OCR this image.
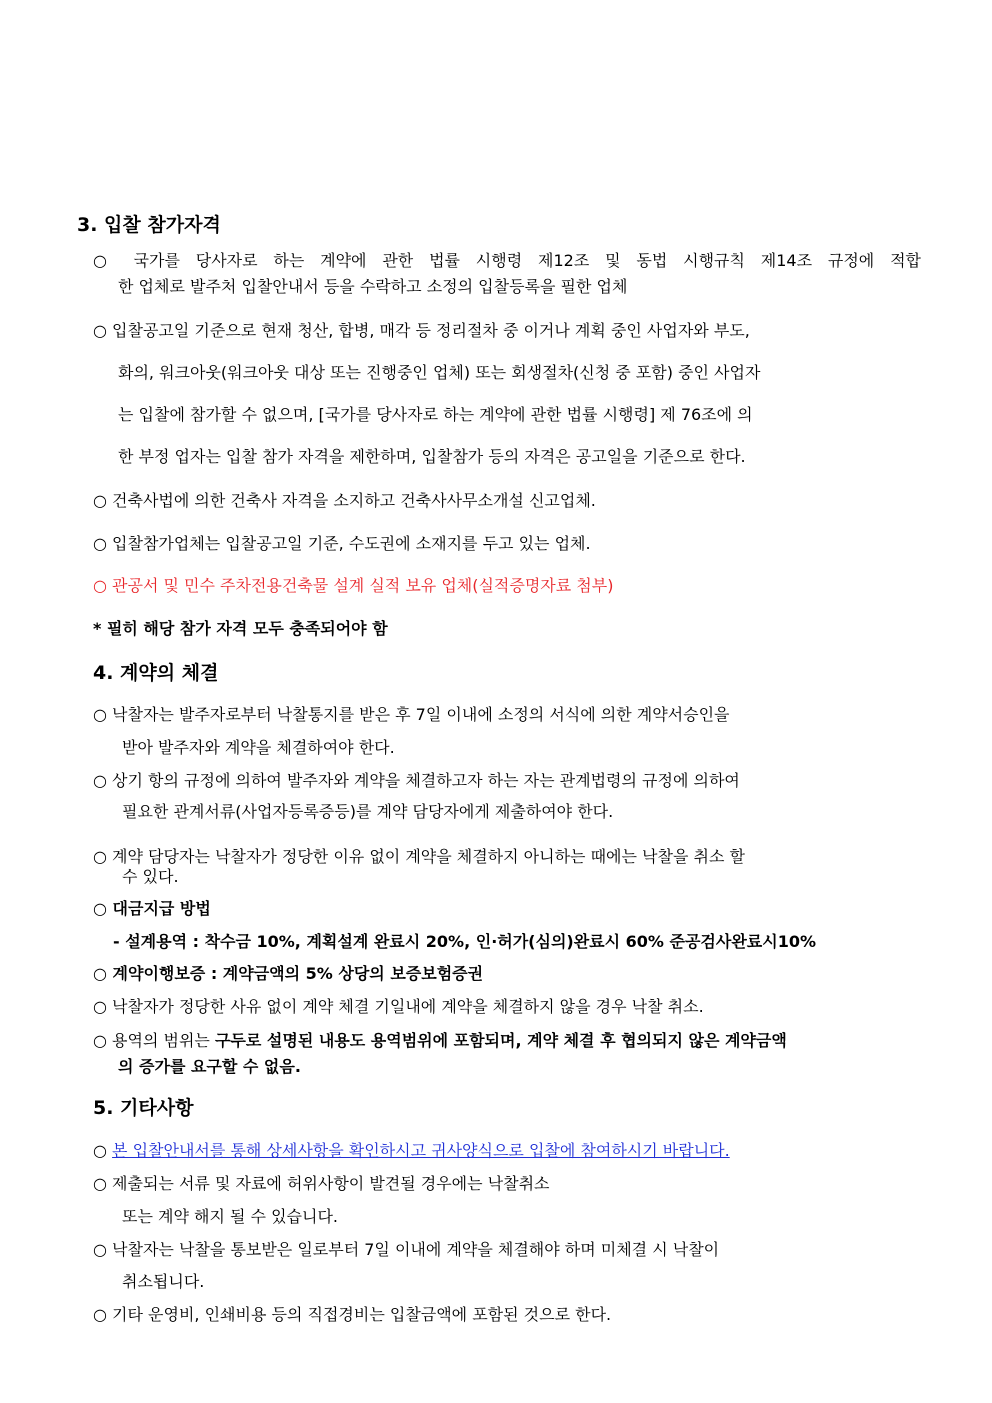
3. 입찰 참가자격
○ 국가를 당사자로 하는 계약에 관한 법률 시행령 제12조 및 동법 시행규칙 제14조 규정에 적합
한 업체로 발주처 입찰안내서 등을 수락하고 소정의 입찰등록을 필한 업체
○ 입찰공고일 기준으로 현재 청산, 합병, 매각 등 정리절차 중 이거나 계획 중인 사업자와 부도,
화의, 워크아웃(워크아웃 대상 또는 진행중인 업체) 또는 회생절차(신청 중 포함) 중인 사업자
는 입찰에 참가할 수 없으며, [국가를 당사자로 하는 계약에 관한 법률 시행령] 제 76조에 의
한 부정 업자는 입찰 참가 자격을 제한하며, 입찰참가 등의 자격은 공고일을 기준으로 한다.
○ 건축사법에 의한 건축사 자격을 소지하고 건축사사무소개설 신고업체.
○ 입찰참가업체는 입찰공고일 기준, 수도권에 소재지를 두고 있는 업체.
○ 관공서 및 민수 주차전용건축물 설계 실적 보유 업체(실적증명자료 첨부)
* 필히 해당 참가 자격 모두 충족되어야 함
4. 계약의 체결
○ 낙찰자는 발주자로부터 낙찰통지를 받은 후 7일 이내에 소정의 서식에 의한 계약서승인을
받아 발주자와 계약을 체결하여야 한다.
○ 상기 항의 규정에 의하여 발주자와 계약을 체결하고자 하는 자는 관계법령의 규정에 의하여
필요한 관계서류(사업자등록증등)를 계약 담당자에게 제출하여야 한다.
○ 계약 담당자는 낙찰자가 정당한 이유 없이 계약을 체결하지 아니하는 때에는 낙찰을 취소 할
수 있다.
○ 대금지급 방법
- 설계용역 : 착수금 10%, 계획설계 완료시 20%, 인·허가(심의)완료시 60% 준공검사완료시10%
○ 계약이행보증 : 계약금액의 5% 상당의 보증보험증권
○ 낙찰자가 정당한 사유 없이 계약 체결 기일내에 계약을 체결하지 않을 경우 낙찰 취소.
○ 용역의 범위는 구두로 설명된 내용도 용역범위에 포함되며, 계약 체결 후 협의되지 않은 계약금액
의 증가를 요구할 수 없음.
5. 기타사항
○ 본 입찰안내서를 통해 상세사항을 확인하시고 귀사양식으로 입찰에 참여하시기 바랍니다.
○ 제출되는 서류 및 자료에 허위사항이 발견될 경우에는 낙찰취소
또는 계약 해지 될 수 있습니다.
○ 낙찰자는 낙찰을 통보받은 일로부터 7일 이내에 계약을 체결해야 하며 미체결 시 낙찰이
취소됩니다.
○ 기타 운영비, 인쇄비용 등의 직접경비는 입찰금액에 포함된 것으로 한다.
